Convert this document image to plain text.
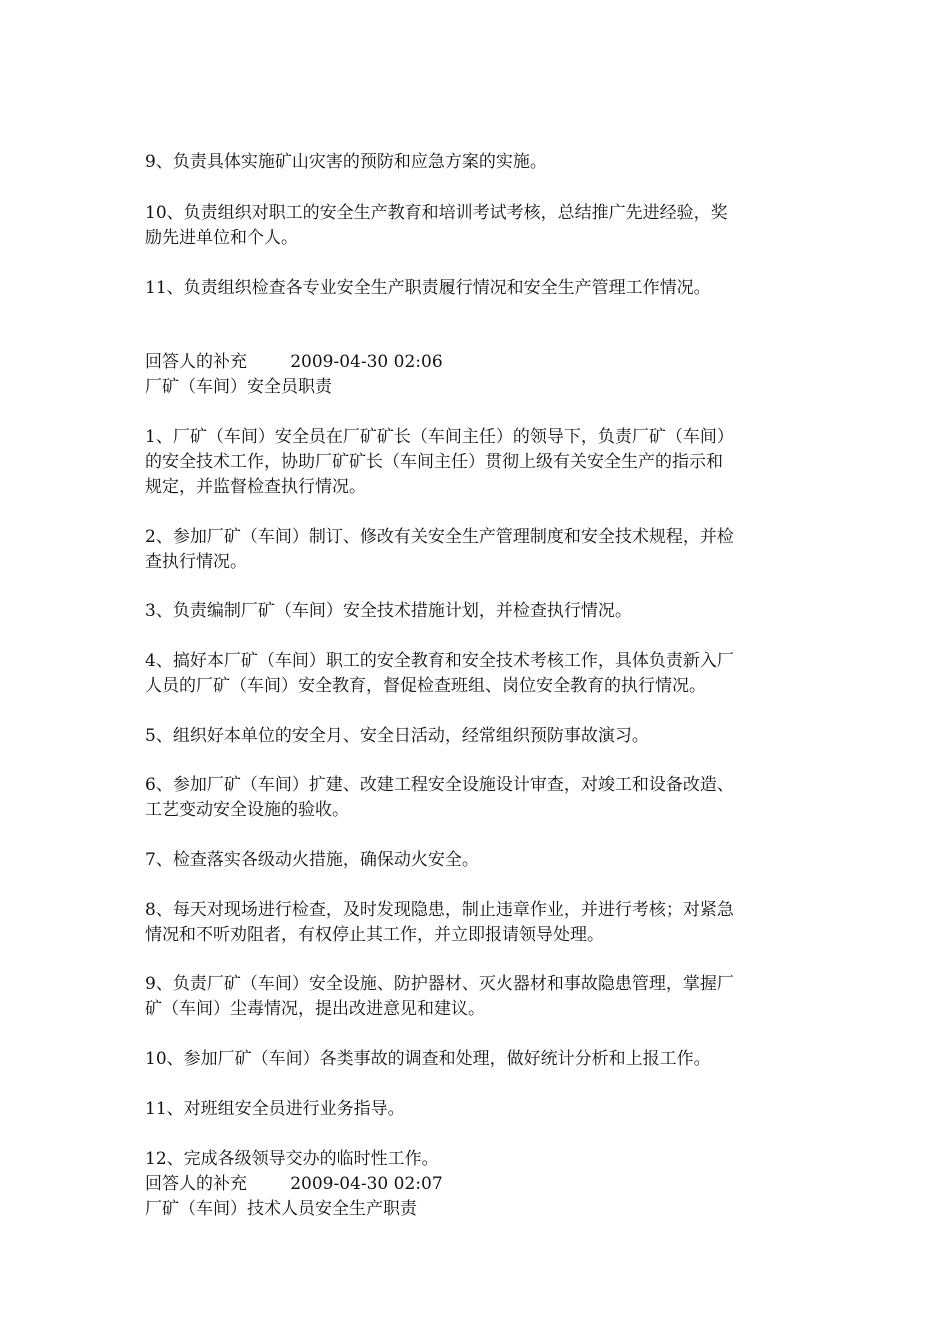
9、负责具体实施矿山灾害的预防和应急方案的实施。
10、负责组织对职工的安全生产教育和培训考试考核，总结推广先进经验，奖
励先进单位和个人。
11、负责组织检查各专业安全生产职责履行情况和安全生产管理工作情况。
回答人的补充        2009-04-30 02:06
厂矿（车间）安全员职责
1、厂矿（车间）安全员在厂矿矿长（车间主任）的领导下，负责厂矿（车间）
的安全技术工作，协助厂矿矿长（车间主任）贯彻上级有关安全生产的指示和
规定，并监督检查执行情况。
2、参加厂矿（车间）制订、修改有关安全生产管理制度和安全技术规程，并检
查执行情况。
3、负责编制厂矿（车间）安全技术措施计划，并检查执行情况。
4、搞好本厂矿（车间）职工的安全教育和安全技术考核工作，具体负责新入厂
人员的厂矿（车间）安全教育，督促检查班组、岗位安全教育的执行情况。
5、组织好本单位的安全月、安全日活动，经常组织预防事故演习。
6、参加厂矿（车间）扩建、改建工程安全设施设计审查，对竣工和设备改造、
工艺变动安全设施的验收。
7、检查落实各级动火措施，确保动火安全。
8、每天对现场进行检查，及时发现隐患，制止违章作业，并进行考核；对紧急
情况和不听劝阻者，有权停止其工作，并立即报请领导处理。
9、负责厂矿（车间）安全设施、防护器材、灭火器材和事故隐患管理，掌握厂
矿（车间）尘毒情况，提出改进意见和建议。
10、参加厂矿（车间）各类事故的调查和处理，做好统计分析和上报工作。
11、对班组安全员进行业务指导。
12、完成各级领导交办的临时性工作。
回答人的补充        2009-04-30 02:07
厂矿（车间）技术人员安全生产职责
